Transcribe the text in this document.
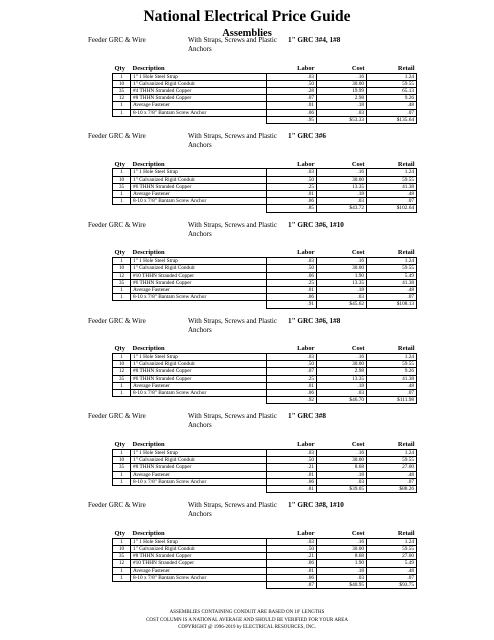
National Electrical Price Guide
Assemblies
Feeder GRC & Wire	With Straps, Screws and Plastic Anchors
1" GRC 3#4, 1#8
Qty	Description	Labor	Cost	Retail
1	1" 1 Hole Steel Strap	.03	.16	1.24
10	1" Galvanized Rigid Conduit	.50	30.00	59.55
35	#4 THHN Stranded Copper	.28	19.99	65.13
12	#8 THHN Stranded Copper	.07	2.98	9.26
1	Average Fastener	.01	.18	.48
1	8-10 x 7/8" Bantam Screw Anchor	.06	.03	.07
		.95	$53.33	$135.64
Feeder GRC & Wire	With Straps, Screws and Plastic Anchors
1" GRC 3#6
Qty	Description	Labor	Cost	Retail
1	1" 1 Hole Steel Strap	.03	.16	1.24
10	1" Galvanized Rigid Conduit	.50	30.00	59.55
35	#6 THHN Stranded Copper	.25	13.35	41.38
1	Average Fastener	.01	.18	.48
1	8-10 x 7/8" Bantam Screw Anchor	.06	.03	.07
		.85	$43.72	$102.64
Feeder GRC & Wire	With Straps, Screws and Plastic Anchors
1" GRC 3#6, 1#10
Qty	Description	Labor	Cost	Retail
1	1" 1 Hole Steel Strap	.03	.16	1.24
10	1" Galvanized Rigid Conduit	.50	30.00	59.55
12	#10 THHN Stranded Copper	.06	1.90	5.49
35	#6 THHN Stranded Copper	.25	13.35	41.38
1	Average Fastener	.01	.18	.48
1	8-10 x 7/8" Bantam Screw Anchor	.06	.03	.07
		.91	$45.62	$108.13
Feeder GRC & Wire	With Straps, Screws and Plastic Anchors
1" GRC 3#6, 1#8
Qty	Description	Labor	Cost	Retail
1	1" 1 Hole Steel Strap	.03	.16	1.24
10	1" Galvanized Rigid Conduit	.50	30.00	59.55
12	#8 THHN Stranded Copper	.07	2.98	9.26
35	#6 THHN Stranded Copper	.25	13.35	41.38
1	Average Fastener	.01	.18	.48
1	8-10 x 7/8" Bantam Screw Anchor	.06	.03	.07
		.92	$46.70	$111.98
Feeder GRC & Wire	With Straps, Screws and Plastic Anchors
1" GRC 3#8
Qty	Description	Labor	Cost	Retail
1	1" 1 Hole Steel Strap	.03	.16	1.24
10	1" Galvanized Rigid Conduit	.50	30.00	59.55
35	#8 THHN Stranded Copper	.21	8.68	27.00
1	Average Fastener	.01	.18	.48
1	8-10 x 7/8" Bantam Screw Anchor	.06	.03	.07
		.81	$39.05	$88.26
Feeder GRC & Wire	With Straps, Screws and Plastic Anchors
1" GRC 3#8, 1#10
Qty	Description	Labor	Cost	Retail
1	1" 1 Hole Steel Strap	.03	.16	1.24
10	1" Galvanized Rigid Conduit	.50	30.00	59.55
35	#8 THHN Stranded Copper	.21	8.68	27.00
12	#10 THHN Stranded Copper	.06	1.90	5.49
1	Average Fastener	.01	.18	.48
1	8-10 x 7/8" Bantam Screw Anchor	.06	.03	.07
		.87	$40.95	$93.75
ASSEMBLIES CONTAINING CONDUIT ARE BASED ON 10' LENGTHS
COST COLUMN IS A NATIONAL AVERAGE AND SHOULD BE VERIFIED FOR YOUR AREA
COPYRIGHT @ 1996-2019 by ELECTRICAL RESOURCES, INC.
